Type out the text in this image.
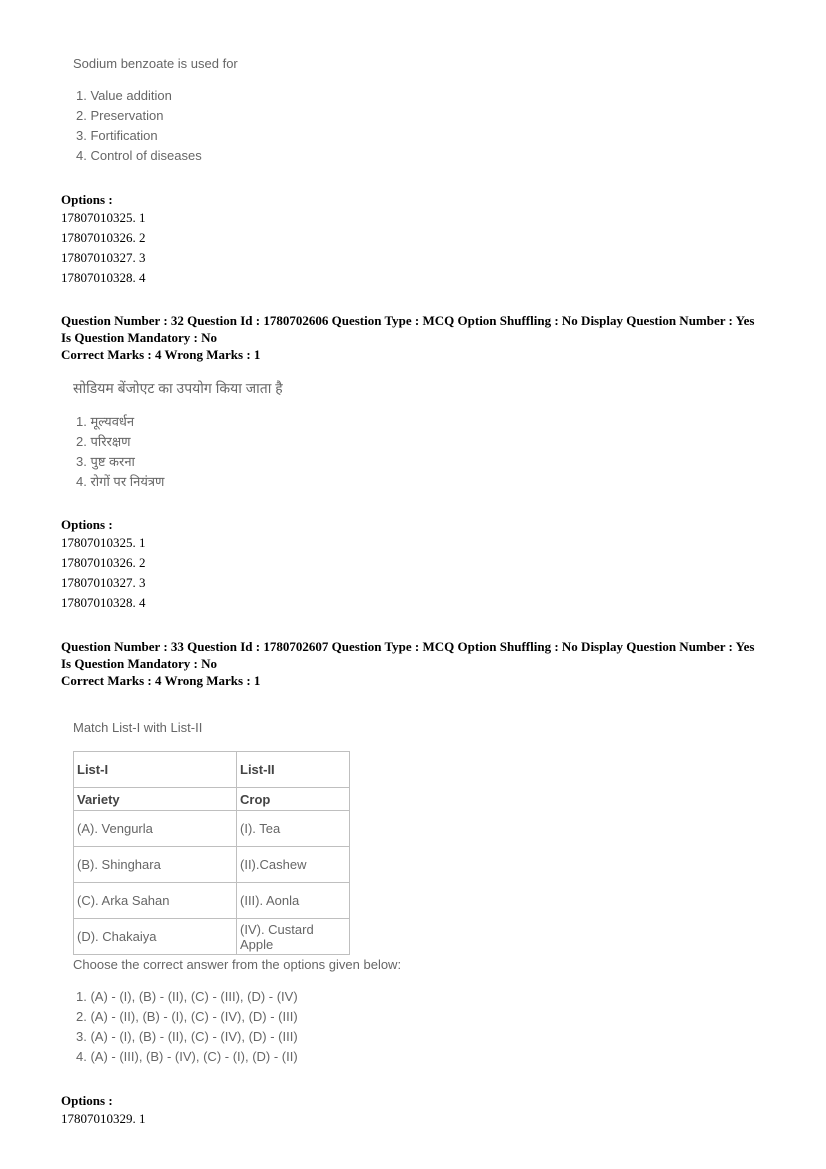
Sodium benzoate is used for
1. Value addition
2. Preservation
3. Fortification
4. Control of diseases
Options :
17807010325. 1
17807010326. 2
17807010327. 3
17807010328. 4
Question Number : 32 Question Id : 1780702606 Question Type : MCQ Option Shuffling : No Display Question Number : Yes
Is Question Mandatory : No
Correct Marks : 4 Wrong Marks : 1
सोडियम बेंजोएट का उपयोग किया जाता है
1. मूल्यवर्धन
2. परिरक्षण
3. पुष्ट करना
4. रोगों पर नियंत्रण
Options :
17807010325. 1
17807010326. 2
17807010327. 3
17807010328. 4
Question Number : 33 Question Id : 1780702607 Question Type : MCQ Option Shuffling : No Display Question Number : Yes
Is Question Mandatory : No
Correct Marks : 4 Wrong Marks : 1
Match List-I with List-II
List-I	List-II
Variety	Crop
(A). Vengurla	(I). Tea
(B). Shinghara	(II).Cashew
(C). Arka Sahan	(III). Aonla
(D). Chakaiya	(IV). Custard Apple
Choose the correct answer from the options given below:
1. (A) - (I), (B) - (II), (C) - (III), (D) - (IV)
2. (A) - (II), (B) - (I), (C) - (IV), (D) - (III)
3. (A) - (I), (B) - (II), (C) - (IV), (D) - (III)
4. (A) - (III), (B) - (IV), (C) - (I), (D) - (II)
Options :
17807010329. 1
